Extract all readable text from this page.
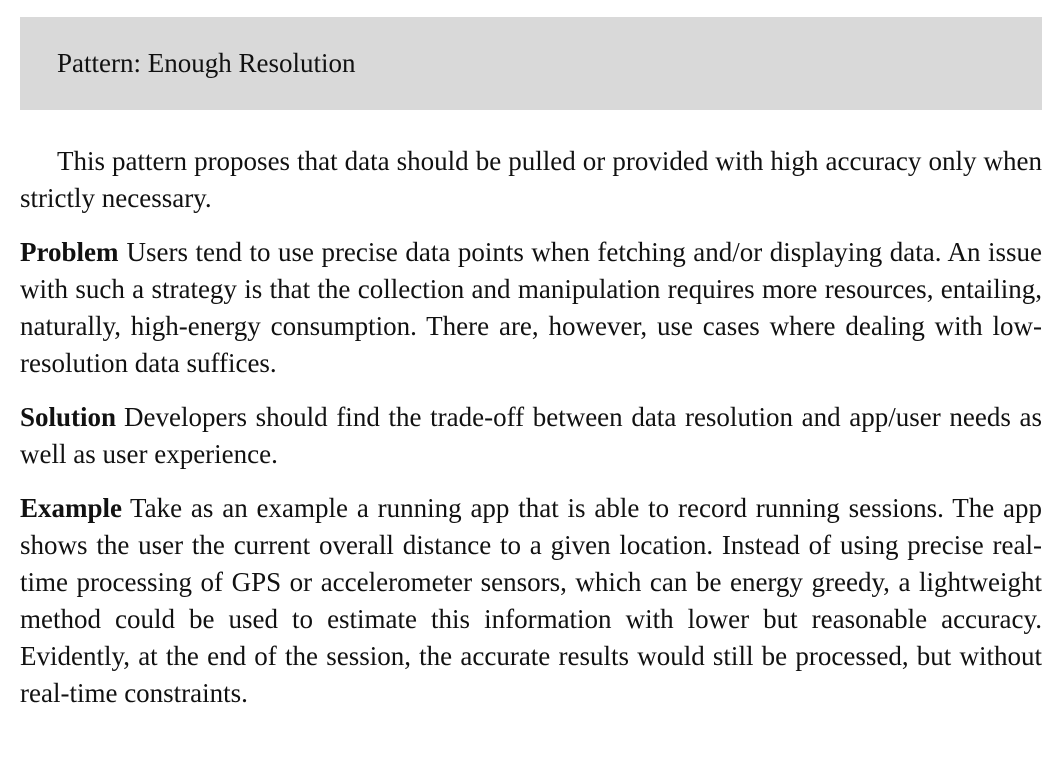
Pattern: Enough Resolution

This pattern proposes that data should be pulled or provided with high accuracy only when strictly necessary.

Problem Users tend to use precise data points when fetching and/or displaying data. An issue with such a strategy is that the collection and manipulation requires more resources, entailing, naturally, high-energy consumption. There are, however, use cases where dealing with low-resolution data suffices.

Solution Developers should find the trade-off between data resolution and app/user needs as well as user experience.

Example Take as an example a running app that is able to record running sessions. The app shows the user the current overall distance to a given location. Instead of using precise real-time processing of GPS or accelerometer sensors, which can be energy greedy, a lightweight method could be used to estimate this information with lower but reasonable accuracy. Evidently, at the end of the session, the accurate results would still be processed, but without real-time constraints.
